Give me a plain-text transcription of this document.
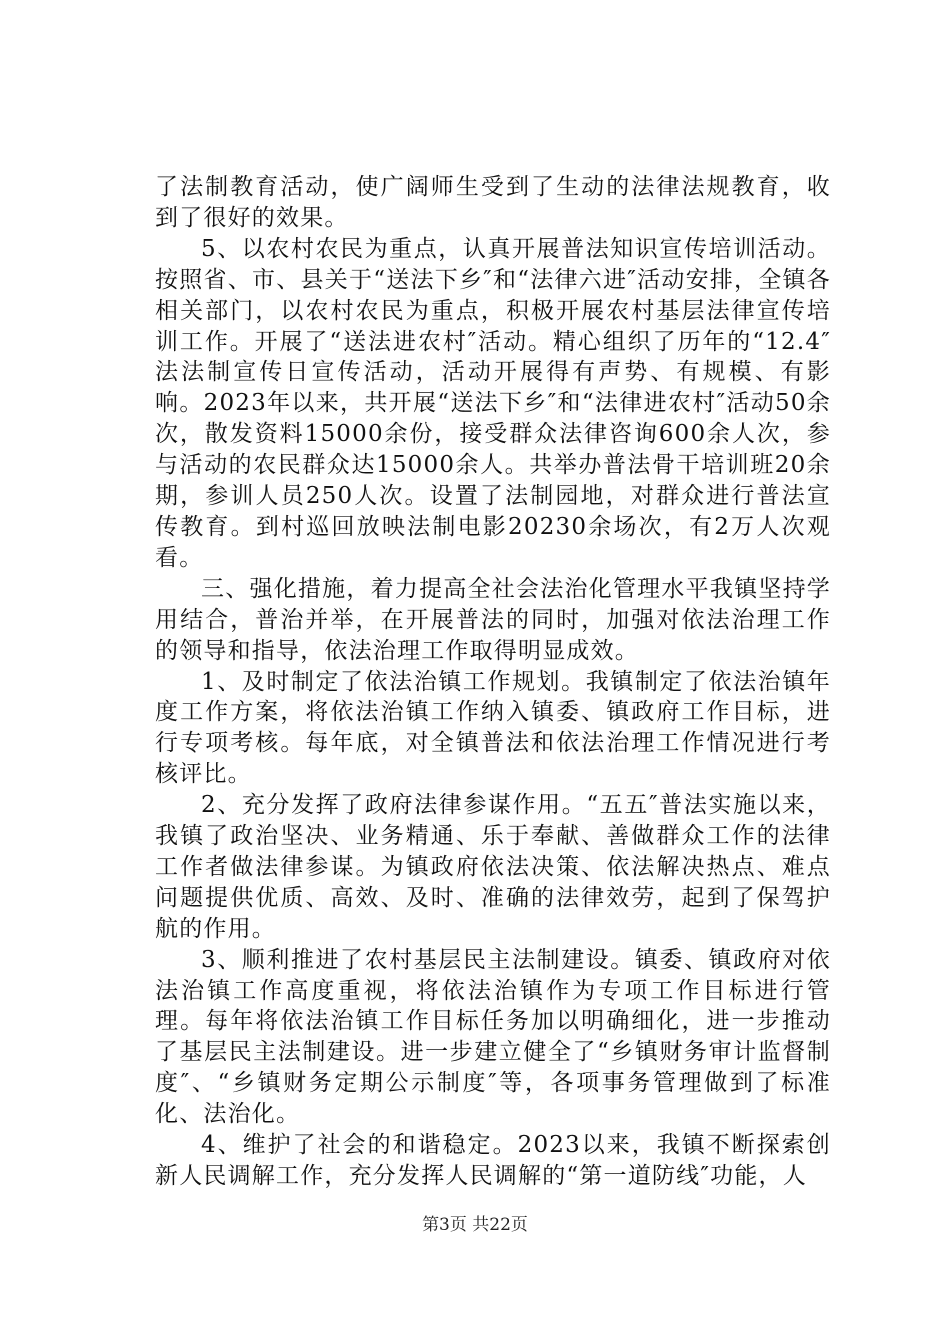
了法制教育活动，使广阔师生受到了生动的法律法规教育，收到了很好的效果。

5、以农村农民为重点，认真开展普法知识宣传培训活动。按照省、市、县关于“送法下乡″和“法律六进″活动安排，全镇各相关部门，以农村农民为重点，积极开展农村基层法律宣传培训工作。开展了“送法进农村″活动。精心组织了历年的“12.4″法法制宣传日宣传活动，活动开展得有声势、有规模、有影响。2023年以来，共开展“送法下乡″和“法律进农村″活动50余次，散发资料15000余份，接受群众法律咨询600余人次，参与活动的农民群众达15000余人。共举办普法骨干培训班20余期，参训人员250人次。设置了法制园地，对群众进行普法宣传教育。到村巡回放映法制电影20230余场次，有2万人次观看。

三、强化措施，着力提高全社会法治化管理水平我镇坚持学用结合，普治并举，在开展普法的同时，加强对依法治理工作的领导和指导，依法治理工作取得明显成效。

1、及时制定了依法治镇工作规划。我镇制定了依法治镇年度工作方案，将依法治镇工作纳入镇委、镇政府工作目标，进行专项考核。每年底，对全镇普法和依法治理工作情况进行考核评比。

2、充分发挥了政府法律参谋作用。“五五″普法实施以来，我镇了政治坚决、业务精通、乐于奉献、善做群众工作的法律工作者做法律参谋。为镇政府依法决策、依法解决热点、难点问题提供优质、高效、及时、准确的法律效劳，起到了保驾护航的作用。

3、顺利推进了农村基层民主法制建设。镇委、镇政府对依法治镇工作高度重视，将依法治镇作为专项工作目标进行管理。每年将依法治镇工作目标任务加以明确细化，进一步推动了基层民主法制建设。进一步建立健全了“乡镇财务审计监督制度″、“乡镇财务定期公示制度″等，各项事务管理做到了标准化、法治化。

4、维护了社会的和谐稳定。2023以来，我镇不断探索创新人民调解工作，充分发挥人民调解的“第一道防线″功能，人

第3页 共22页
